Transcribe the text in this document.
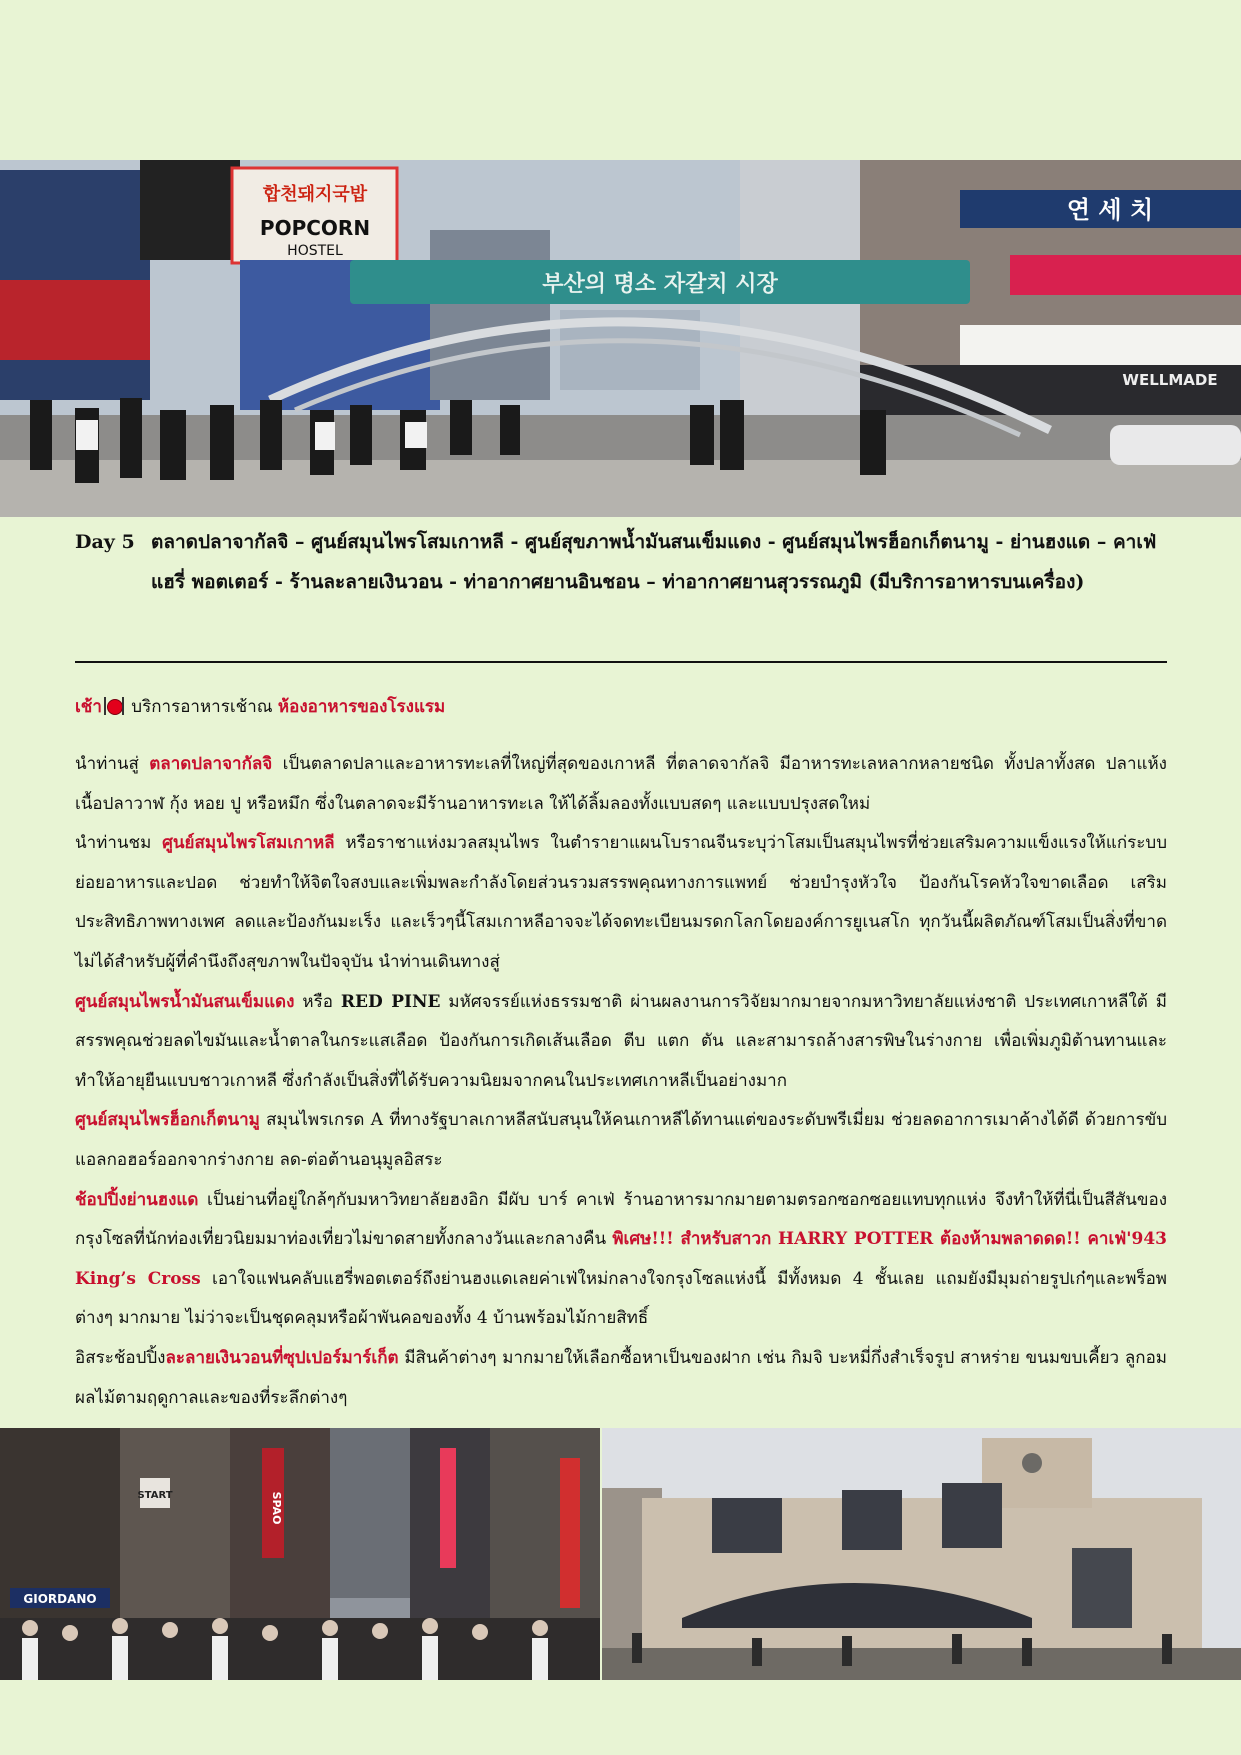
합천돼지국밥
POPCORN
HOSTEL
연 세 치
WELLMADE
부산의 명소 자갈치 시장
Day 5 ตลาดปลาจากัลจิ – ศูนย์สมุนไพรโสมเกาหลี - ศูนย์สุขภาพน้ำมันสนเข็มแดง - ศูนย์สมุนไพรฮ็อกเก็ตนามู - ย่านฮงแด – คาเฟ่แฮรี่ พอตเตอร์ - ร้านละลายเงินวอน - ท่าอากาศยานอินชอน – ท่าอากาศยานสุวรรณภูมิ (มีบริการอาหารบนเครื่อง)
เช้า
บริการอาหารเช้าณ ห้องอาหารของโรงแรม

นำท่านสู่ ตลาดปลาจากัลจิ เป็นตลาดปลาและอาหารทะเลที่ใหญ่ที่สุดของเกาหลี ที่ตลาดจากัลจิ มีอาหารทะเลหลากหลายชนิด ทั้งปลาทั้งสด ปลาแห้ง เนื้อปลาวาฬ กุ้ง หอย ปู หรือหมึก ซึ่งในตลาดจะมีร้านอาหารทะเล ให้ได้ลิ้มลองทั้งแบบสดๆ และแบบปรุงสดใหม่

นำท่านชม ศูนย์สมุนไพรโสมเกาหลี หรือราชาแห่งมวลสมุนไพร ในตำรายาแผนโบราณจีนระบุว่าโสมเป็นสมุนไพรที่ช่วยเสริมความแข็งแรงให้แก่ระบบย่อยอาหารและปอด ช่วยทำให้จิตใจสงบและเพิ่มพละกำลังโดยส่วนรวมสรรพคุณทางการแพทย์ ช่วยบำรุงหัวใจ ป้องกันโรคหัวใจขาดเลือด เสริมประสิทธิภาพทางเพศ ลดและป้องกันมะเร็ง และเร็วๆนี้โสมเกาหลีอาจจะได้จดทะเบียนมรดกโลกโดยองค์การยูเนสโก ทุกวันนี้ผลิตภัณฑ์โสมเป็นสิ่งที่ขาดไม่ได้สำหรับผู้ที่คำนึงถึงสุขภาพในปัจจุบัน นำท่านเดินทางสู่

ศูนย์สมุนไพรน้ำมันสนเข็มแดง หรือ RED PINE มหัศจรรย์แห่งธรรมชาติ ผ่านผลงานการวิจัยมากมายจากมหาวิทยาลัยแห่งชาติ ประเทศเกาหลีใต้ มีสรรพคุณช่วยลดไขมันและน้ำตาลในกระแสเลือด ป้องกันการเกิดเส้นเลือด ตีบ แตก ตัน และสามารถล้างสารพิษในร่างกาย เพื่อเพิ่มภูมิต้านทานและทำให้อายุยืนแบบชาวเกาหลี ซึ่งกำลังเป็นสิ่งที่ได้รับความนิยมจากคนในประเทศเกาหลีเป็นอย่างมาก

ศูนย์สมุนไพรฮ็อกเก็ตนามู สมุนไพรเกรด A ที่ทางรัฐบาลเกาหลีสนับสนุนให้คนเกาหลีได้ทานแต่ของระดับพรีเมี่ยม ช่วยลดอาการเมาค้างได้ดี ด้วยการขับแอลกอฮอร์ออกจากร่างกาย ลด-ต่อต้านอนุมูลอิสระ

ช้อปปิ้งย่านฮงแด เป็นย่านที่อยู่ใกล้ๆกับมหาวิทยาลัยฮงอิก มีผับ บาร์ คาเฟ่ ร้านอาหารมากมายตามตรอกซอกซอยแทบทุกแห่ง จึงทำให้ที่นี่เป็นสีสันของกรุงโซลที่นักท่องเที่ยวนิยมมาท่องเที่ยวไม่ขาดสายทั้งกลางวันและกลางคืน พิเศษ!!! สำหรับสาวก HARRY POTTER ต้องห้ามพลาดดด!! คาเฟ่'943 King’s Cross เอาใจแฟนคลับแฮรี่พอตเตอร์ถึงย่านฮงแดเลยค่าเฟ่ใหม่กลางใจกรุงโซลแห่งนี้ มีทั้งหมด 4 ชั้นเลย แถมยังมีมุมถ่ายรูปเก๋ๆและพร็อพต่างๆ มากมาย ไม่ว่าจะเป็นชุดคลุมหรือผ้าพันคอของทั้ง 4 บ้านพร้อมไม้กายสิทธิ์

อิสระช้อปปิ้งละลายเงินวอนที่ซุปเปอร์มาร์เก็ต มีสินค้าต่างๆ มากมายให้เลือกซื้อหาเป็นของฝาก เช่น กิมจิ บะหมี่กึ่งสำเร็จรูป สาหร่าย ขนมขบเคี้ยว ลูกอม ผลไม้ตามฤดูกาลและของที่ระลึกต่างๆ

GIORDANO
START	SPAO
